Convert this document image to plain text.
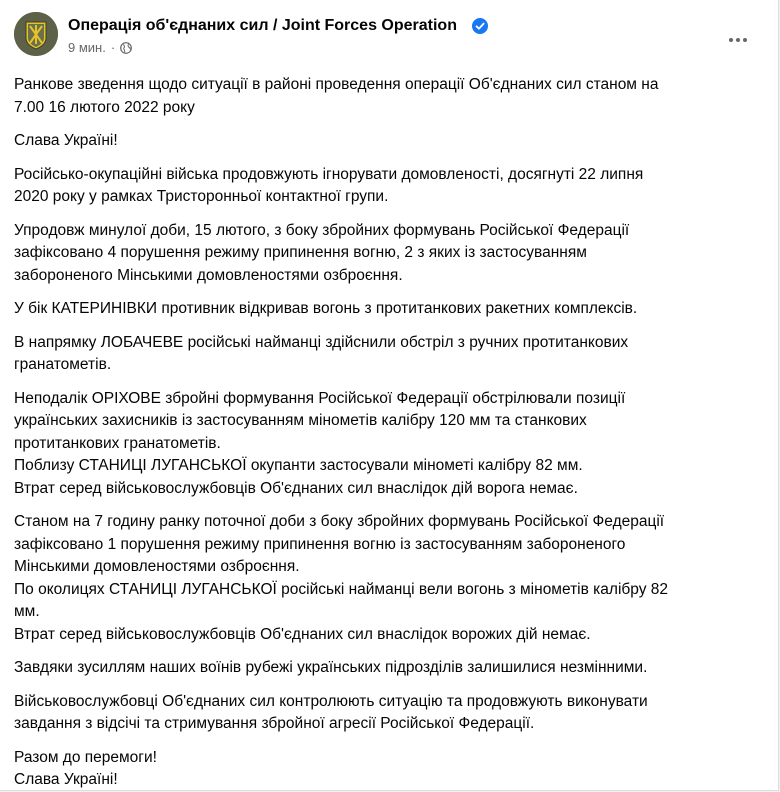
Операція об'єднаних сил / Joint Forces Operation
9 мин. ·

Ранкове зведення щодо ситуації в районі проведення операції Об'єднаних сил станом на
7.00 16 лютого 2022 року

Слава Україні!

Російсько-окупаційні війська продовжують ігнорувати домовленості, досягнуті 22 липня
2020 року у рамках Тристоронньої контактної групи.

Упродовж минулої доби, 15 лютого, з боку збройних формувань Російської Федерації
зафіксовано 4 порушення режиму припинення вогню, 2 з яких із застосуванням
забороненого Мінськими домовленостями озброєння.

У бік КАТЕРИНІВКИ противник відкривав вогонь з протитанкових ракетних комплексів.

В напрямку ЛОБАЧЕВЕ російські найманці здійснили обстріл з ручних протитанкових
гранатометів.

Неподалік ОРІХОВЕ збройні формування Російської Федерації обстрілювали позиції
українських захисників із застосуванням мінометів калібру 120 мм та станкових
протитанкових гранатометів.
Поблизу СТАНИЦІ ЛУГАНСЬКОЇ окупанти застосували мінометі калібру 82 мм.
Втрат серед військовослужбовців Об'єднаних сил внаслідок дій ворога немає.

Станом на 7 годину ранку поточної доби з боку збройних формувань Російської Федерації
зафіксовано 1 порушення режиму припинення вогню із застосуванням забороненого
Мінськими домовленостями озброєння.
По околицях СТАНИЦІ ЛУГАНСЬКОЇ російські найманці вели вогонь з мінометів калібру 82
мм.
Втрат серед військовослужбовців Об'єднаних сил внаслідок ворожих дій немає.

Завдяки зусиллям наших воїнів рубежі українських підрозділів залишилися незмінними.

Військовослужбовці Об'єднаних сил контролюють ситуацію та продовжують виконувати
завдання з відсічі та стримування збройної агресії Російської Федерації.

Разом до перемоги!
Слава Україні!
